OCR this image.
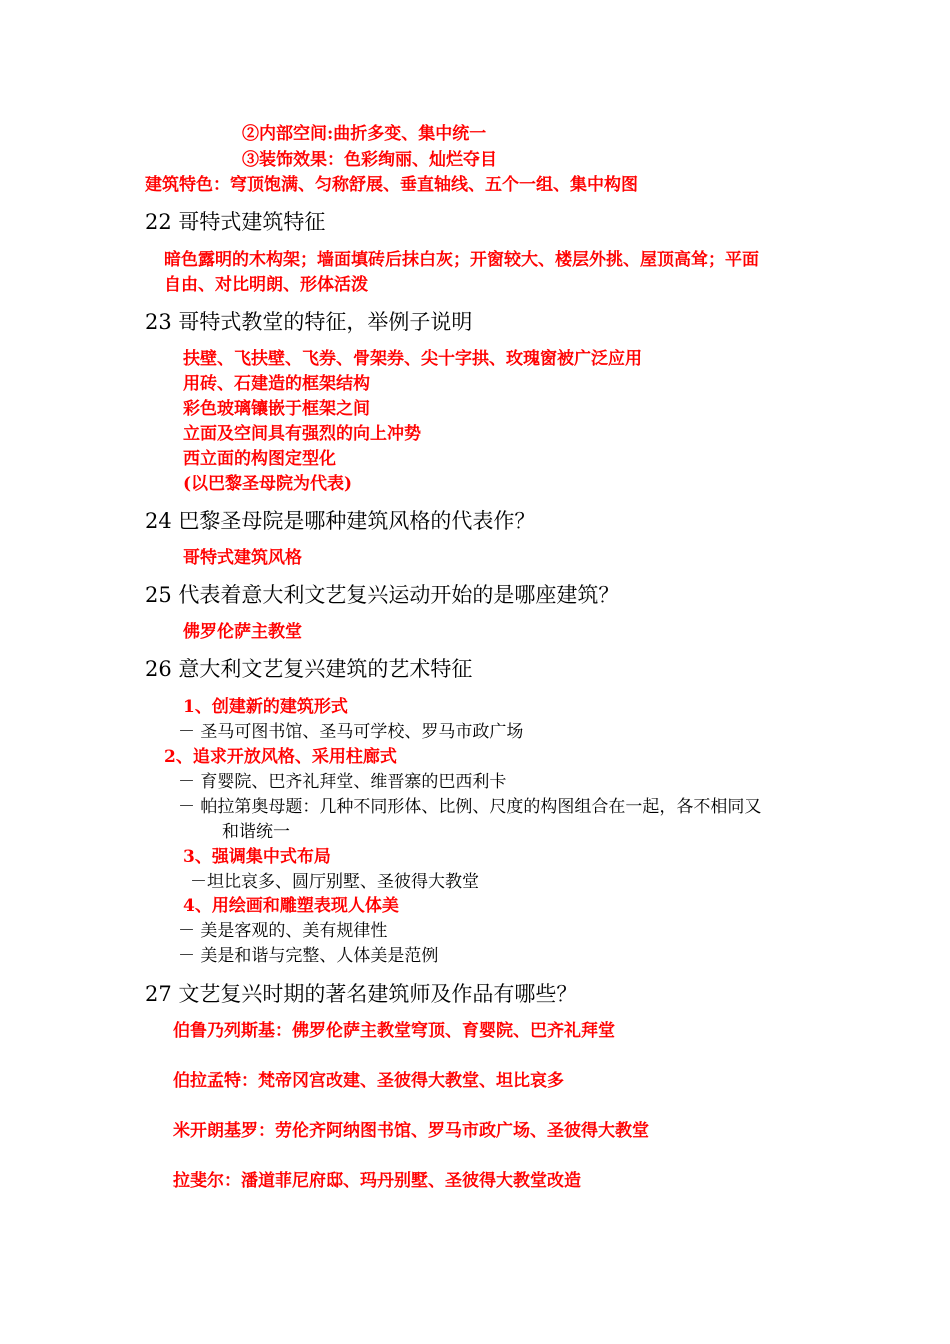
②内部空间:曲折多变、集中统一
③装饰效果：色彩绚丽、灿烂夺目
建筑特色：穹顶饱满、匀称舒展、垂直轴线、五个一组、集中构图
22 哥特式建筑特征
暗色露明的木构架；墙面填砖后抹白灰；开窗较大、楼层外挑、屋顶高耸；平面
自由、对比明朗、形体活泼
23 哥特式教堂的特征，举例子说明
扶壁、飞扶壁、飞券、骨架券、尖十字拱、玫瑰窗被广泛应用
用砖、石建造的框架结构
彩色玻璃镶嵌于框架之间
立面及空间具有强烈的向上冲势
西立面的构图定型化
(以巴黎圣母院为代表)
24 巴黎圣母院是哪种建筑风格的代表作？
哥特式建筑风格
25 代表着意大利文艺复兴运动开始的是哪座建筑？
佛罗伦萨主教堂
26 意大利文艺复兴建筑的艺术特征
1、创建新的建筑形式
－ 圣马可图书馆、圣马可学校、罗马市政广场
2、追求开放风格、采用柱廊式
－ 育婴院、巴齐礼拜堂、维晋寨的巴西利卡
－ 帕拉第奥母题：几种不同形体、比例、尺度的构图组合在一起，各不相同又
和谐统一
3、强调集中式布局
－坦比哀多、圆厅别墅、圣彼得大教堂
4、用绘画和雕塑表现人体美
－ 美是客观的、美有规律性
－ 美是和谐与完整、人体美是范例
27 文艺复兴时期的著名建筑师及作品有哪些？
伯鲁乃列斯基：佛罗伦萨主教堂穹顶、育婴院、巴齐礼拜堂
伯拉孟特：梵帝冈宫改建、圣彼得大教堂、坦比哀多
米开朗基罗：劳伦齐阿纳图书馆、罗马市政广场、圣彼得大教堂
拉斐尔：潘道菲尼府邸、玛丹别墅、圣彼得大教堂改造
